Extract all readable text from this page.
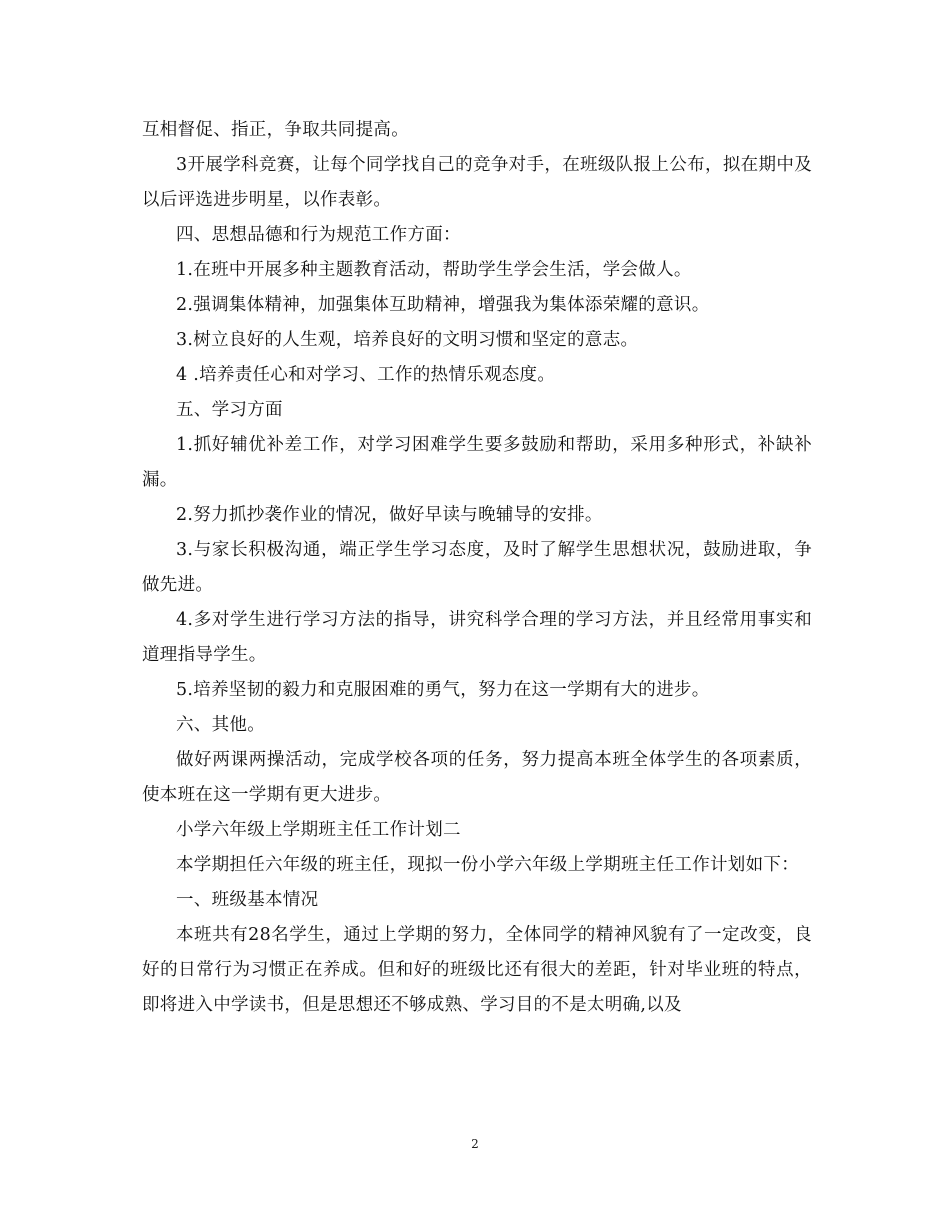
互相督促、指正，争取共同提高。

3开展学科竞赛，让每个同学找自己的竞争对手，在班级队报上公布，拟在期中及以后评选进步明星，以作表彰。

四、思想品德和行为规范工作方面：

1.在班中开展多种主题教育活动，帮助学生学会生活，学会做人。

2.强调集体精神，加强集体互助精神，增强我为集体添荣耀的意识。

3.树立良好的人生观，培养良好的文明习惯和坚定的意志。

4 .培养责任心和对学习、工作的热情乐观态度。

五、学习方面

1.抓好辅优补差工作，对学习困难学生要多鼓励和帮助，采用多种形式，补缺补漏。

2.努力抓抄袭作业的情况，做好早读与晚辅导的安排。

3.与家长积极沟通，端正学生学习态度，及时了解学生思想状况，鼓励进取，争做先进。

4.多对学生进行学习方法的指导，讲究科学合理的学习方法，并且经常用事实和道理指导学生。

5.培养坚韧的毅力和克服困难的勇气，努力在这一学期有大的进步。

六、其他。

做好两课两操活动，完成学校各项的任务，努力提高本班全体学生的各项素质，使本班在这一学期有更大进步。

小学六年级上学期班主任工作计划二

本学期担任六年级的班主任，现拟一份小学六年级上学期班主任工作计划如下：

一、班级基本情况

本班共有28名学生，通过上学期的努力，全体同学的精神风貌有了一定改变，良好的日常行为习惯正在养成。但和好的班级比还有很大的差距，针对毕业班的特点，即将进入中学读书，但是思想还不够成熟、学习目的不是太明确,以及

2
